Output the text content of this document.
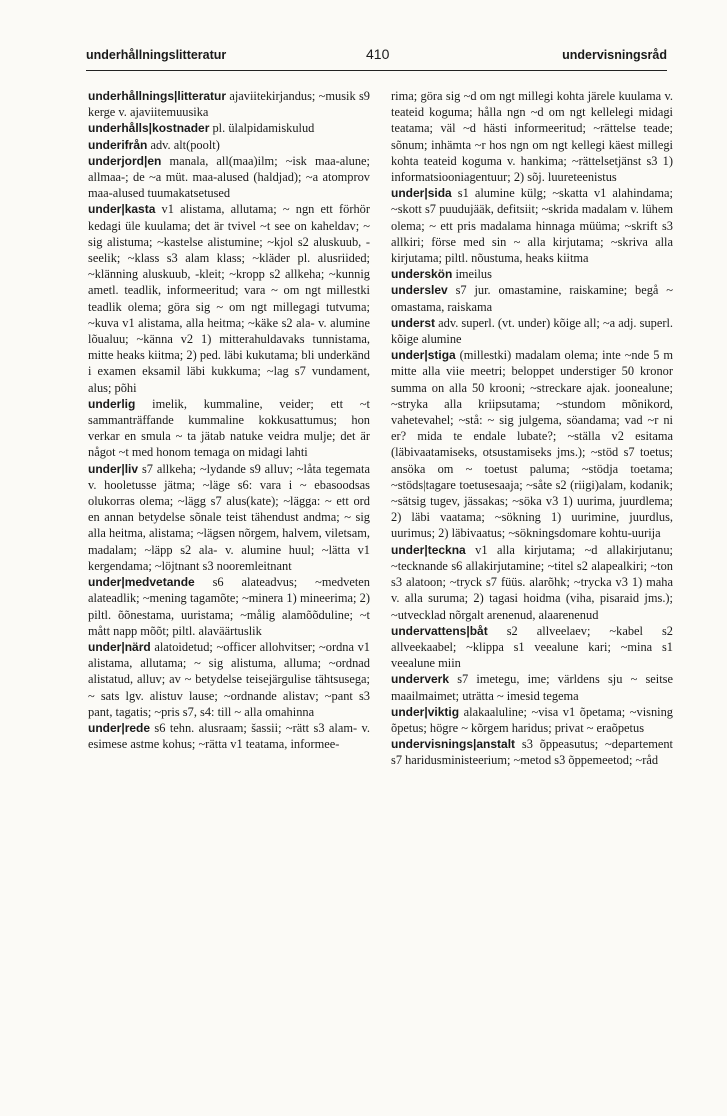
underhållningslitteratur	410	undervisningsråd

underhållnings|litteratur ajaviitekirjandus; ~musik s9 kerge v. ajaviitemuusika

underhålls|kostnader pl. ülalpidamiskulud

underifrån adv. alt(poolt)

underjord|en manala, all(maa)ilm; ~isk maa-alune; allmaa-; de ~a müt. maa-alused (haldjad); ~a atomprov maa-alused tuumakatsetused

under|kasta v1 alistama, allutama; ~ ngn ett förhör kedagi üle kuulama; det är tvivel ~t see on kaheldav; ~ sig alistuma; ~kastelse alistumine; ~kjol s2 aluskuub, -seelik; ~klass s3 alam klass; ~kläder pl. alusriided; ~klänning aluskuub, -kleit; ~kropp s2 allkeha; ~kunnig ametl. teadlik, informeeritud; vara ~ om ngt millestki teadlik olema; göra sig ~ om ngt millegagi tutvuma; ~kuva v1 alistama, alla heitma; ~käke s2 ala- v. alumine lõualuu; ~känna v2 1) mitterahuldavaks tunnistama, mitte heaks kiitma; 2) ped. läbi kukutama; bli underkänd i examen eksamil läbi kukkuma; ~lag s7 vundament, alus; põhi

underlig imelik, kummaline, veider; ett ~t sammanträffande kummaline kokkusattumus; hon verkar en smula ~ ta jätab natuke veidra mulje; det är något ~t med honom temaga on midagi lahti

under|liv s7 allkeha; ~lydande s9 alluv; ~låta tegemata v. hooletusse jätma; ~läge s6: vara i ~ ebasoodsas olukorras olema; ~lägg s7 alus(kate); ~lägga: ~ ett ord en annan betydelse sõnale teist tähendust andma; ~ sig alla heitma, alistama; ~lägsen nõrgem, halvem, viletsam, madalam; ~läpp s2 ala- v. alumine huul; ~lätta v1 kergendama; ~löjtnant s3 nooremleitnant

under|medvetande s6 alateadvus; ~medveten alateadlik; ~mening tagamõte; ~minera 1) mineerima; 2) piltl. õõnestama, uuristama; ~målig alamõõduline; ~t mått napp mõõt; piltl. alaväärtuslik

under|närd alatoidetud; ~officer allohvitser; ~ordna v1 alistama, allutama; ~ sig alistuma, alluma; ~ordnad alistatud, alluv; av ~ betydelse teisejärgulise tähtsusega; ~ sats lgv. alistuv lause; ~ordnande alistav; ~pant s3 pant, tagatis; ~pris s7, s4: till ~ alla omahinna

under|rede s6 tehn. alusraam; šassii; ~rätt s3 alam- v. esimese astme kohus; ~rätta v1 teatama, informee-

rima; göra sig ~d om ngt millegi kohta järele kuulama v. teateid koguma; hålla ngn ~d om ngt kellelegi midagi teatama; väl ~d hästi informeeritud; ~rättelse teade; sõnum; inhämta ~r hos ngn om ngt kellegi käest millegi kohta teateid koguma v. hankima; ~rättelsetjänst s3 1) informatsiooniagentuur; 2) sõj. luureteenistus

under|sida s1 alumine külg; ~skatta v1 alahindama; ~skott s7 puudujääk, defitsiit; ~skrida madalam v. lühem olema; ~ ett pris madalama hinnaga müüma; ~skrift s3 allkiri; förse med sin ~ alla kirjutama; ~skriva alla kirjutama; piltl. nõustuma, heaks kiitma

underskön imeilus

underslev s7 jur. omastamine, raiskamine; begå ~ omastama, raiskama

underst adv. superl. (vt. under) kõige all; ~a adj. superl. kõige alumine

under|stiga (millestki) madalam olema; inte ~nde 5 m mitte alla viie meetri; beloppet understiger 50 kronor summa on alla 50 krooni; ~streckare ajak. joonealune; ~stryka alla kriipsutama; ~stundom mõnikord, vahetevahel; ~stå: ~ sig julgema, söandama; vad ~r ni er? mida te endale lubate?; ~ställa v2 esitama (läbivaatamiseks, otsustamiseks jms.); ~stöd s7 toetus; ansöka om ~ toetust paluma; ~stödja toetama; ~stöds|tagare toetusesaaja; ~såte s2 (riigi)alam, kodanik; ~sätsig tugev, jässakas; ~söka v3 1) uurima, juurdlema; 2) läbi vaatama; ~sökning 1) uurimine, juurdlus, uurimus; 2) läbivaatus; ~sökningsdomare kohtu-uurija

under|teckna v1 alla kirjutama; ~d allakirjutanu; ~tecknande s6 allakirjutamine; ~titel s2 alapealkiri; ~ton s3 alatoon; ~tryck s7 füüs. alarõhk; ~trycka v3 1) maha v. alla suruma; 2) tagasi hoidma (viha, pisaraid jms.); ~utvecklad nõrgalt arenenud, alaarenenud

undervattens|båt s2 allveelaev; ~kabel s2 allveekaabel; ~klippa s1 veealune kari; ~mina s1 veealune miin

underverk s7 imetegu, ime; världens sju ~ seitse maailmaimet; uträtta ~ imesid tegema

under|viktig alakaaluline; ~visa v1 õpetama; ~visning õpetus; högre ~ kõrgem haridus; privat ~ eraõpetus

undervisnings|anstalt s3 õppeasutus; ~departement s7 haridusministeerium; ~metod s3 õppemeetod; ~råd
